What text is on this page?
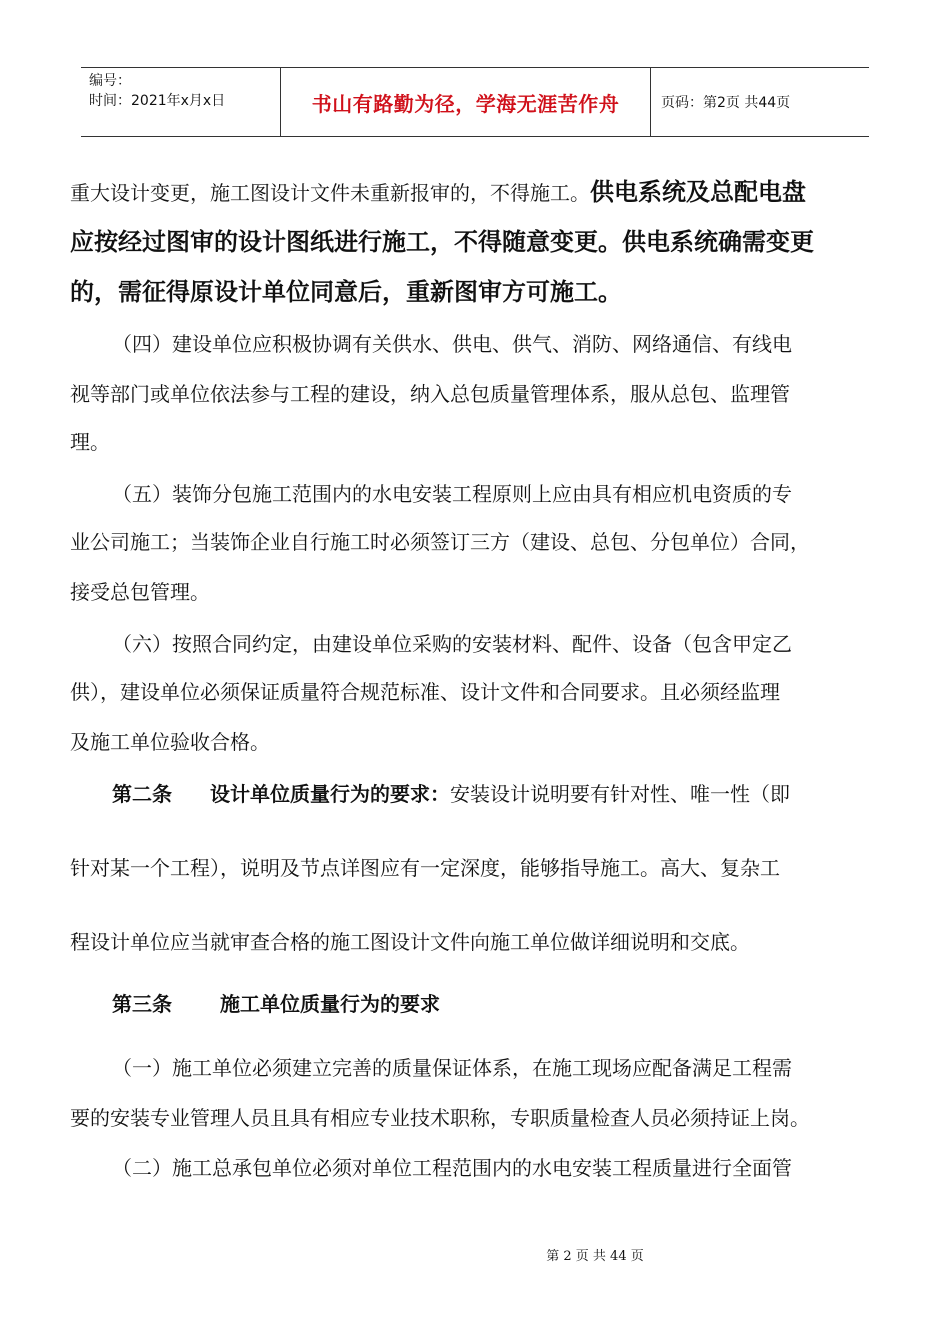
编号：
时间：2021年x月x日	书山有路勤为径，学海无涯苦作舟	页码：第2页 共44页
重大设计变更，施工图设计文件未重新报审的，不得施工。供电系统及总配电盘
应按经过图审的设计图纸进行施工，不得随意变更。供电系统确需变更
的，需征得原设计单位同意后，重新图审方可施工。
（四）建设单位应积极协调有关供水、供电、供气、消防、网络通信、有线电
视等部门或单位依法参与工程的建设，纳入总包质量管理体系，服从总包、监理管
理。
（五）装饰分包施工范围内的水电安装工程原则上应由具有相应机电资质的专
业公司施工；当装饰企业自行施工时必须签订三方（建设、总包、分包单位）合同，
接受总包管理。
（六）按照合同约定，由建设单位采购的安装材料、配件、设备（包含甲定乙
供），建设单位必须保证质量符合规范标准、设计文件和合同要求。且必须经监理
及施工单位验收合格。
第二条 设计单位质量行为的要求：安装设计说明要有针对性、唯一性（即
针对某一个工程），说明及节点详图应有一定深度，能够指导施工。高大、复杂工
程设计单位应当就审查合格的施工图设计文件向施工单位做详细说明和交底。
第三条 施工单位质量行为的要求
（一）施工单位必须建立完善的质量保证体系，在施工现场应配备满足工程需
要的安装专业管理人员且具有相应专业技术职称，专职质量检查人员必须持证上岗。
（二）施工总承包单位必须对单位工程范围内的水电安装工程质量进行全面管
第 2 页 共 44 页
